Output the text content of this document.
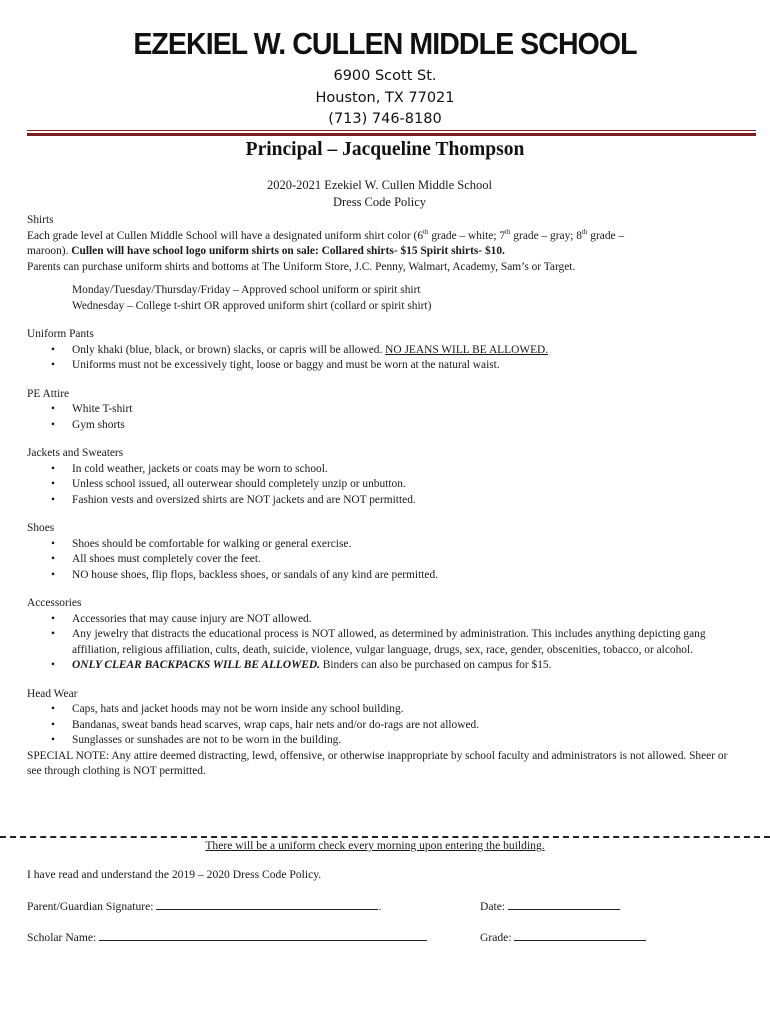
EZEKIEL W. CULLEN MIDDLE SCHOOL
6900 Scott St.
Houston, TX 77021
(713) 746-8180
Principal – Jacqueline Thompson
2020-2021 Ezekiel W. Cullen Middle School
Dress Code Policy
Shirts

Each grade level at Cullen Middle School will have a designated uniform shirt color (6th grade – white; 7th grade – gray; 8th grade –

maroon). Cullen will have school logo uniform shirts on sale: Collared shirts- $15 Spirit shirts- $10.

Parents can purchase uniform shirts and bottoms at The Uniform Store, J.C. Penny, Walmart, Academy, Sam’s or Target.

Monday/Tuesday/Thursday/Friday – Approved school uniform or spirit shirt

Wednesday – College t-shirt OR approved uniform shirt (collard or spirit shirt)

Uniform Pants
• Only khaki (blue, black, or brown) slacks, or capris will be allowed. NO JEANS WILL BE ALLOWED.
• Uniforms must not be excessively tight, loose or baggy and must be worn at the natural waist.
PE Attire
• White T-shirt
• Gym shorts
Jackets and Sweaters
• In cold weather, jackets or coats may be worn to school.
• Unless school issued, all outerwear should completely unzip or unbutton.
• Fashion vests and oversized shirts are NOT jackets and are NOT permitted.
Shoes
• Shoes should be comfortable for walking or general exercise.
• All shoes must completely cover the feet.
• NO house shoes, flip flops, backless shoes, or sandals of any kind are permitted.
Accessories
• Accessories that may cause injury are NOT allowed.
• Any jewelry that distracts the educational process is NOT allowed, as determined by administration. This includes anything depicting gang affiliation, religious affiliation, cults, death, suicide, violence, vulgar language, drugs, sex, race, gender, obscenities, tobacco, or alcohol.
• ONLY CLEAR BACKPACKS WILL BE ALLOWED. Binders can also be purchased on campus for $15.
Head Wear
• Caps, hats and jacket hoods may not be worn inside any school building.
• Bandanas, sweat bands head scarves, wrap caps, hair nets and/or do-rags are not allowed.
• Sunglasses or sunshades are not to be worn in the building.

SPECIAL NOTE: Any attire deemed distracting, lewd, offensive, or otherwise inappropriate by school faculty and administrators is not allowed. Sheer or see through clothing is NOT permitted.

There will be a uniform check every morning upon entering the building.
I have read and understand the 2019 – 2020 Dress Code Policy.
Parent/Guardian Signature:	.	Date:
Scholar Name:	Grade:
